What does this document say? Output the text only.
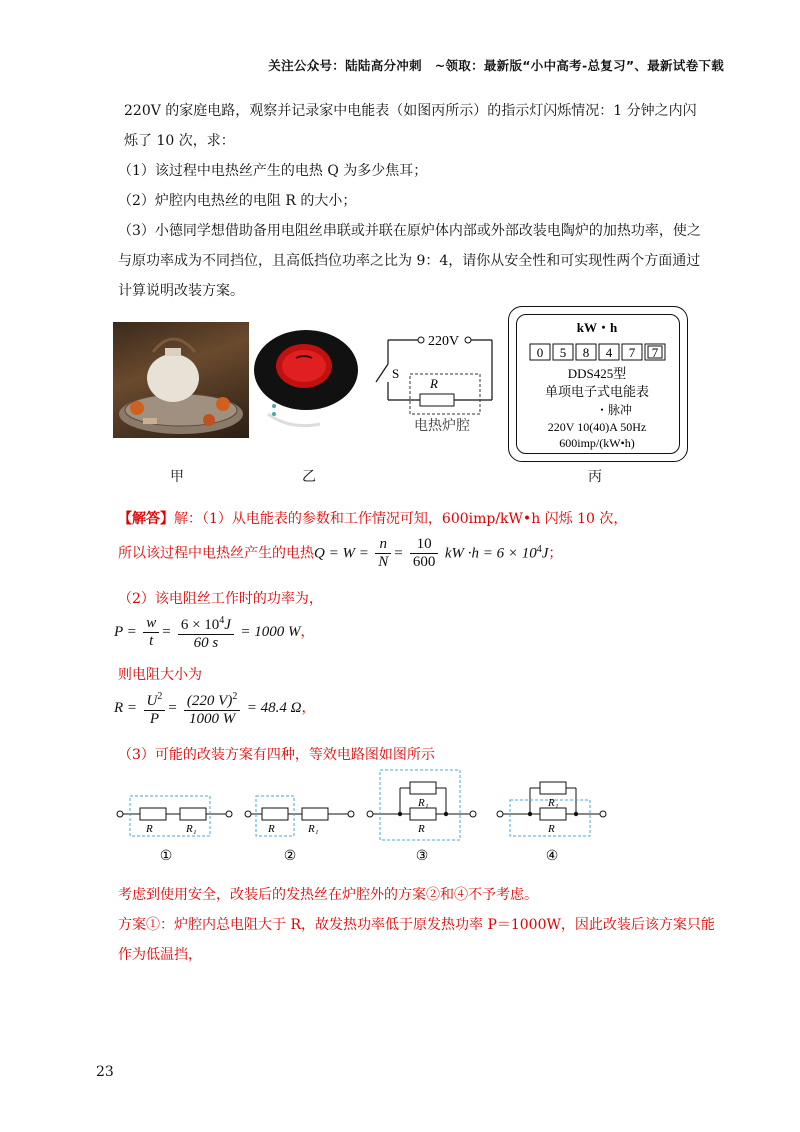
关注公众号：陆陆高分冲刺　~领取：最新版“小中高考-总复习”、最新试卷下载
220V 的家庭电路，观察并记录家中电能表（如图丙所示）的指示灯闪烁情况：1 分钟之内闪
烁了 10 次，求：
（1）该过程中电热丝产生的电热 Q 为多少焦耳；
（2）炉腔内电热丝的电阻 R 的大小；
（3）小德同学想借助备用电阻丝串联或并联在原炉体内部或外部改装电陶炉的加热功率，使之
与原功率成为不同挡位，且高低挡位功率之比为 9：4，请你从安全性和可实现性两个方面通过
计算说明改装方案。
220V
S
R
电热炉腔
kW・h
0 5 8 4 7 7
DDS425型
单项电子式电能表
・脉冲
220V 10(40)A 50Hz
600imp/(kW•h)
甲	乙	丙
【解答】解：（1）从电能表的参数和工作情况可知，600imp/kW•h 闪烁 10 次，
所以该过程中电热丝产生的电热$Q = W = \frac{n}{N} = \frac{10}{600}$ kW $\cdot h = 6 \times 10^4J$；
（2）该电阻丝工作时的功率为，
$P = \frac{w}{t} = \frac{6 \times 10^4J}{60 s} = 1000$ W，
则电阻大小为
$R = \frac{U^2}{P} = \frac{(220 V)^2}{1000 W} = 48.4$ Ω，
（3）可能的改装方案有四种，等效电路图如图所示
R	R₁
①
R	R₁
②
R₁
R
③
R₁
R
④
考虑到使用安全，改装后的发热丝在炉腔外的方案②和④不予考虑。
方案①：炉腔内总电阻大于 R，故发热功率低于原发热功率 P＝1000W，因此改装后该方案只能
作为低温挡，
23
